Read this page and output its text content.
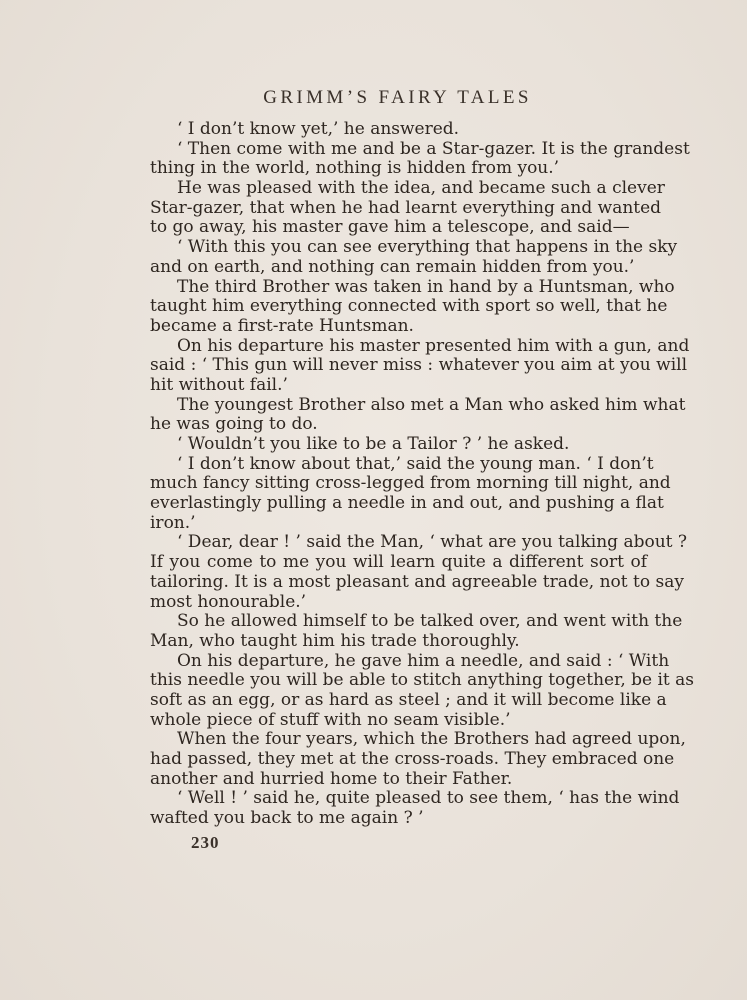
GRIMM’S FAIRY TALES
‘ I don’t know yet,’ he answered.
‘ Then come with me and be a Star-gazer. It is the grandest
thing in the world, nothing is hidden from you.’
He was pleased with the idea, and became such a clever
Star-gazer, that when he had learnt everything and wanted
to go away, his master gave him a telescope, and said—
‘ With this you can see everything that happens in the sky
and on earth, and nothing can remain hidden from you.’
The third Brother was taken in hand by a Huntsman, who
taught him everything connected with sport so well, that he
became a first-rate Huntsman.
On his departure his master presented him with a gun, and
said : ‘ This gun will never miss : whatever you aim at you will
hit without fail.’
The youngest Brother also met a Man who asked him what
he was going to do.
‘ Wouldn’t you like to be a Tailor ? ’ he asked.
‘ I don’t know about that,’ said the young man. ‘ I don’t
much fancy sitting cross-legged from morning till night, and
everlastingly pulling a needle in and out, and pushing a flat
iron.’
‘ Dear, dear ! ’ said the Man, ‘ what are you talking about ?
If you come to me you will learn quite a different sort of
tailoring. It is a most pleasant and agreeable trade, not to say
most honourable.’
So he allowed himself to be talked over, and went with the
Man, who taught him his trade thoroughly.
On his departure, he gave him a needle, and said : ‘ With
this needle you will be able to stitch anything together, be it as
soft as an egg, or as hard as steel ; and it will become like a
whole piece of stuff with no seam visible.’
When the four years, which the Brothers had agreed upon,
had passed, they met at the cross-roads. They embraced one
another and hurried home to their Father.
‘ Well ! ’ said he, quite pleased to see them, ‘ has the wind
wafted you back to me again ? ’
230
